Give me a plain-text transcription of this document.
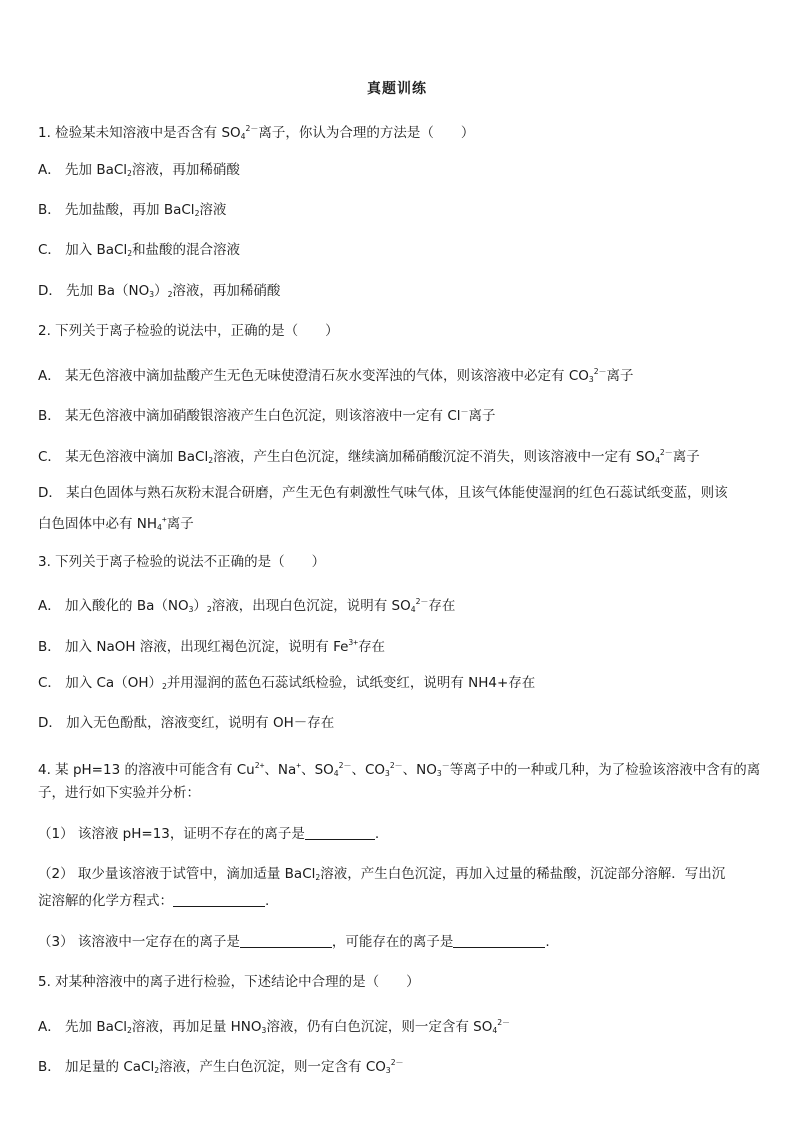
真题训练
1. 检验某未知溶液中是否含有 $SO_4^{2-}$离子，你认为合理的方法是（　　）
A． 先加 BaCl$_2$溶液，再加稀硝酸
B． 先加盐酸，再加 BaCl$_2$溶液
C． 加入 BaCl$_2$和盐酸的混合溶液
D． 先加 $Ba(NO_3)_2$溶液，再加稀硝酸
2. 下列关于离子检验的说法中，正确的是（　　）
A． 某无色溶液中滴加盐酸产生无色无味使澄清石灰水变浑浊的气体，则该溶液中必定有 $CO_3^{2-}$离子
B． 某无色溶液中滴加硝酸银溶液产生白色沉淀，则该溶液中一定有 Cl－离子
C． 某无色溶液中滴加 BaCl$_2$溶液，产生白色沉淀，继续滴加稀硝酸沉淀不消失，则该溶液中一定有 $SO_4^{2-}$离子
D． 某白色固体与熟石灰粉末混合研磨，产生无色有刺激性气味气体，且该气体能使湿润的红色石蕊试纸变蓝，则该
白色固体中必有 $NH_4^+$离子
3. 下列关于离子检验的说法不正确的是（　　）
A． 加入酸化的 $Ba(NO_3)_2$溶液，出现白色沉淀，说明有 $SO_4^{2-}$存在
B． 加入 NaOH 溶液，出现红褐色沉淀，说明有 $Fe^{3+}$存在
C． 加入 $Ca(OH)_2$并用湿润的蓝色石蕊试纸检验，试纸变红，说明有 NH4+存在
D． 加入无色酚酞，溶液变红，说明有 OH－存在
4. 某 pH=13 的溶液中可能含有 $Cu^{2+}$、Na+、$SO_4^{2-}$、$CO_3^{2-}$、$NO_3^-$等离子中的一种或几种，为了检验该溶液中含有的离
子，进行如下实验并分析：
（1） 该溶液 pH=13，证明不存在的离子是	.
（2） 取少量该溶液于试管中，滴加适量 BaCl$_2$溶液，产生白色沉淀，再加入过量的稀盐酸，沉淀部分溶解．写出沉
淀溶解的化学方程式：	.
（3） 该溶液中一定存在的离子是	，可能存在的离子是	.
5. 对某种溶液中的离子进行检验，下述结论中合理的是（　　）
A． 先加 BaCl$_2$溶液，再加足量 $HNO_3$溶液，仍有白色沉淀，则一定含有 $SO_4^{2-}$
B． 加足量的 CaCl$_2$溶液，产生白色沉淀，则一定含有 $CO_3^{2-}$
